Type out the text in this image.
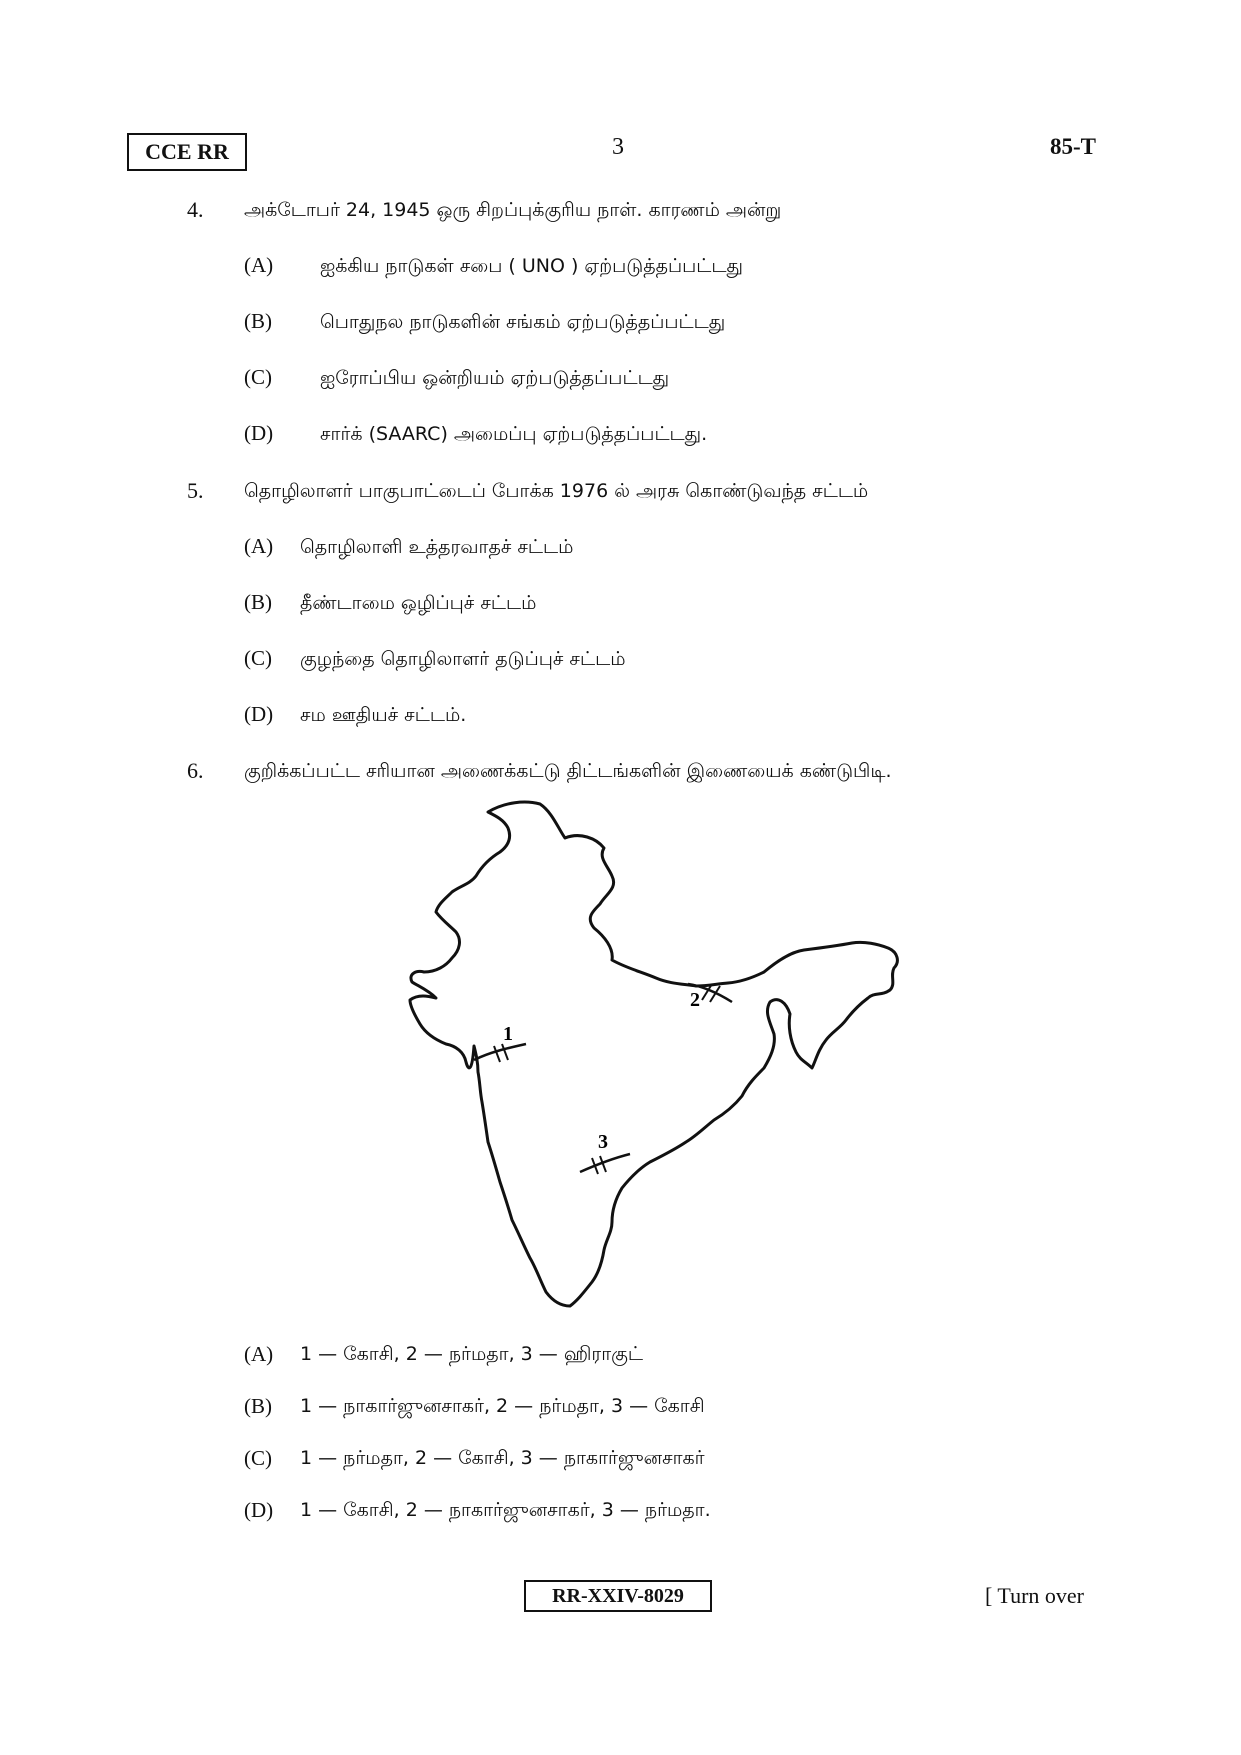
CCE RR	3	85-T
4. அக்டோபர் 24, 1945 ஒரு சிறப்புக்குரிய நாள். காரணம் அன்று
(A) ஐக்கிய நாடுகள் சபை ( UNO ) ஏற்படுத்தப்பட்டது
(B)	பொதுநல நாடுகளின் சங்கம் ஏற்படுத்தப்பட்டது
(C)	ஐரோப்பிய ஒன்றியம் ஏற்படுத்தப்பட்டது
(D) சார்க் (SAARC) அமைப்பு ஏற்படுத்தப்பட்டது.
5. தொழிலாளர் பாகுபாட்டைப் போக்க 1976 ல் அரசு கொண்டுவந்த சட்டம்
(A) தொழிலாளி உத்தரவாதச் சட்டம்
(B) தீண்டாமை ஒழிப்புச் சட்டம்
(C) குழந்தை தொழிலாளர் தடுப்புச் சட்டம்
(D) சம ஊதியச் சட்டம்.
6. குறிக்கப்பட்ட சரியான அணைக்கட்டு திட்டங்களின் இணையைக் கண்டுபிடி.
1
2
3
(A) 1 — கோசி, 2 — நர்மதா, 3 — ஹிராகுட்
(B) 1 — நாகார்ஜுனசாகர், 2 — நர்மதா, 3 — கோசி
(C) 1 — நர்மதா, 2 — கோசி, 3 — நாகார்ஜுனசாகர்
(D) 1 — கோசி, 2 — நாகார்ஜுனசாகர், 3 — நர்மதா.
RR-XXIV-8029	[ Turn over
